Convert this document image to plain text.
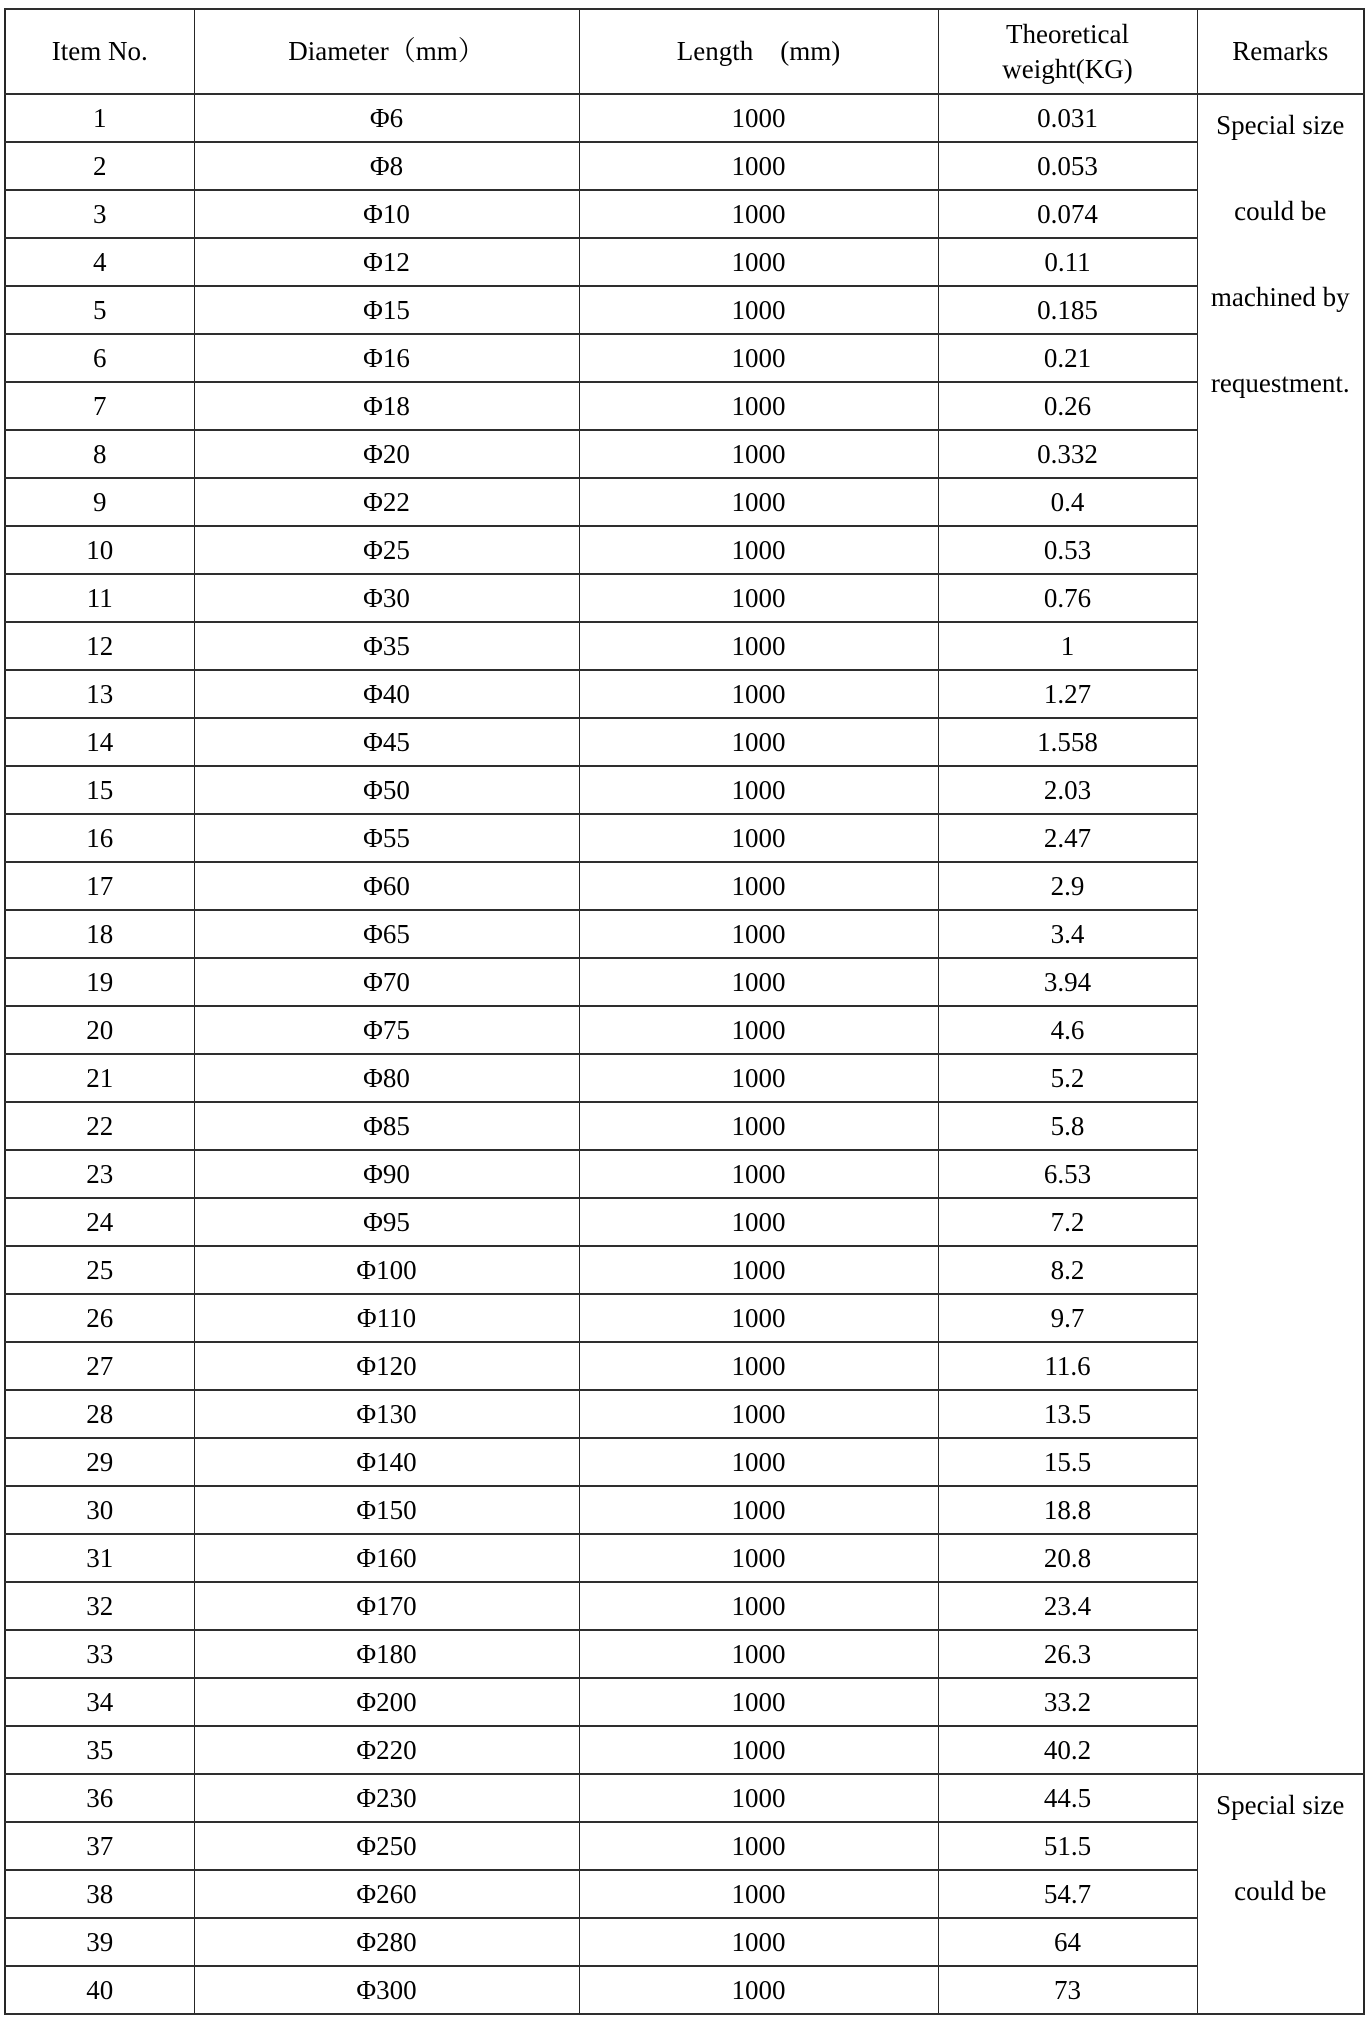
Item No.	Diameter（mm）	Length  (mm)	Theoretical
weight(KG)	Remarks
1	Φ6	1000	0.031	Special size
could be
machined by
requestment.

2	Φ8	1000	0.053	
3	Φ10	1000	0.074	
4	Φ12	1000	0.11	
5	Φ15	1000	0.185	
6	Φ16	1000	0.21	
7	Φ18	1000	0.26	
8	Φ20	1000	0.332	
9	Φ22	1000	0.4	
10	Φ25	1000	0.53	
11	Φ30	1000	0.76	
12	Φ35	1000	1	
13	Φ40	1000	1.27	
14	Φ45	1000	1.558	
15	Φ50	1000	2.03	
16	Φ55	1000	2.47	
17	Φ60	1000	2.9	
18	Φ65	1000	3.4	
19	Φ70	1000	3.94	
20	Φ75	1000	4.6	
21	Φ80	1000	5.2	
22	Φ85	1000	5.8	
23	Φ90	1000	6.53	
24	Φ95	1000	7.2	
25	Φ100	1000	8.2	
26	Φ110	1000	9.7	
27	Φ120	1000	11.6	
28	Φ130	1000	13.5	
29	Φ140	1000	15.5	
30	Φ150	1000	18.8	
31	Φ160	1000	20.8	
32	Φ170	1000	23.4	
33	Φ180	1000	26.3	
34	Φ200	1000	33.2	
35	Φ220	1000	40.2	
36	Φ230	1000	44.5	Special size
could be

37	Φ250	1000	51.5	
38	Φ260	1000	54.7	
39	Φ280	1000	64	
40	Φ300	1000	73	
